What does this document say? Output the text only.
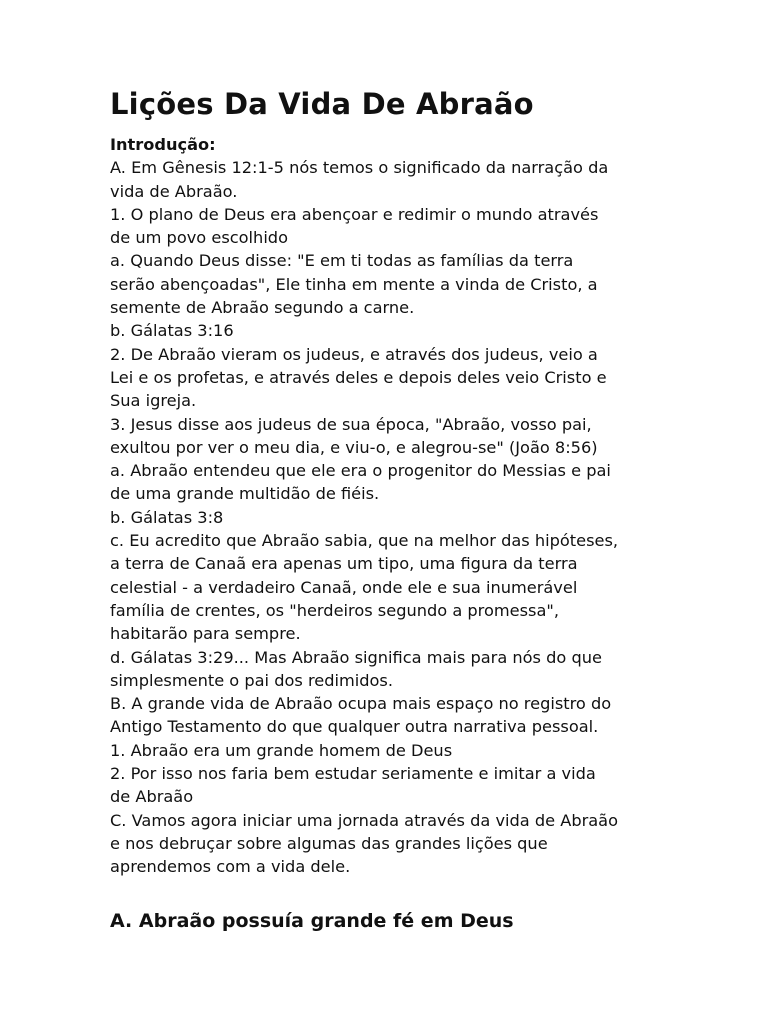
Lições Da Vida De Abraão
Introdução:
A. Em Gênesis 12:1-5 nós temos o significado da narração da
vida de Abraão.
1. O plano de Deus era abençoar e redimir o mundo através
de um povo escolhido
a. Quando Deus disse: "E em ti todas as famílias da terra
serão abençoadas", Ele tinha em mente a vinda de Cristo, a
semente de Abraão segundo a carne.
b. Gálatas 3:16
2. De Abraão vieram os judeus, e através dos judeus, veio a
Lei e os profetas, e através deles e depois deles veio Cristo e
Sua igreja.
3. Jesus disse aos judeus de sua época, "Abraão, vosso pai,
exultou por ver o meu dia, e viu-o, e alegrou-se" (João 8:56)
a. Abraão entendeu que ele era o progenitor do Messias e pai
de uma grande multidão de fiéis.
b. Gálatas 3:8
c. Eu acredito que Abraão sabia, que na melhor das hipóteses,
a terra de Canaã era apenas um tipo, uma figura da terra
celestial - a verdadeiro Canaã, onde ele e sua inumerável
família de crentes, os "herdeiros segundo a promessa",
habitarão para sempre.
d. Gálatas 3:29... Mas Abraão significa mais para nós do que
simplesmente o pai dos redimidos.
B. A grande vida de Abraão ocupa mais espaço no registro do
Antigo Testamento do que qualquer outra narrativa pessoal.
1. Abraão era um grande homem de Deus
2. Por isso nos faria bem estudar seriamente e imitar a vida
de Abraão
C. Vamos agora iniciar uma jornada através da vida de Abraão
e nos debruçar sobre algumas das grandes lições que
aprendemos com a vida dele.
A. Abraão possuía grande fé em Deus
